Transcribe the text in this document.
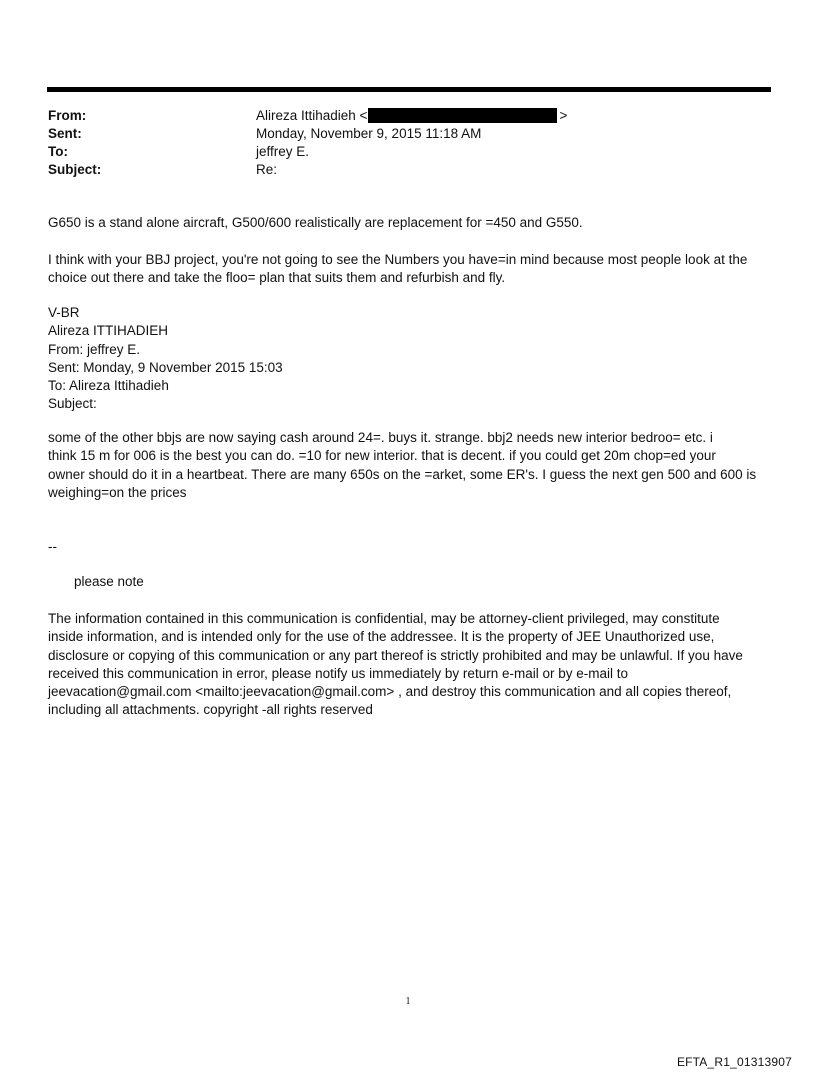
From:	Alireza Ittihadieh <	>
Sent:	Monday, November 9, 2015 11:18 AM
To:	jeffrey E.
Subject:	Re:

G650 is a stand alone aircraft, G500/600 realistically are replacement for =450 and G550.

I think with your BBJ project, you're not going to see the Numbers you have=in mind because most people look at the
choice out there and take the floo= plan that suits them and refurbish and fly.

V-BR
Alireza ITTIHADIEH
From: jeffrey E.
Sent: Monday, 9 November 2015 15:03
To: Alireza Ittihadieh
Subject:

some of the other bbjs are now saying cash around 24=. buys it. strange. bbj2 needs new interior bedroo= etc. i
think 15 m for 006 is the best you can do. =10 for new interior. that is decent. if you could get 20m chop=ed your
owner should do it in a heartbeat. There are many 650s on the =arket, some ER's. I guess the next gen 500 and 600 is
weighing=on the prices

--

please note

The information contained in this communication is confidential, may be attorney-client privileged, may constitute
inside information, and is intended only for the use of the addressee. It is the property of JEE Unauthorized use,
disclosure or copying of this communication or any part thereof is strictly prohibited and may be unlawful. If you have
received this communication in error, please notify us immediately by return e-mail or by e-mail to
jeevacation@gmail.com <mailto:jeevacation@gmail.com> , and destroy this communication and all copies thereof,
including all attachments. copyright -all rights reserved

1
EFTA_R1_01313907
